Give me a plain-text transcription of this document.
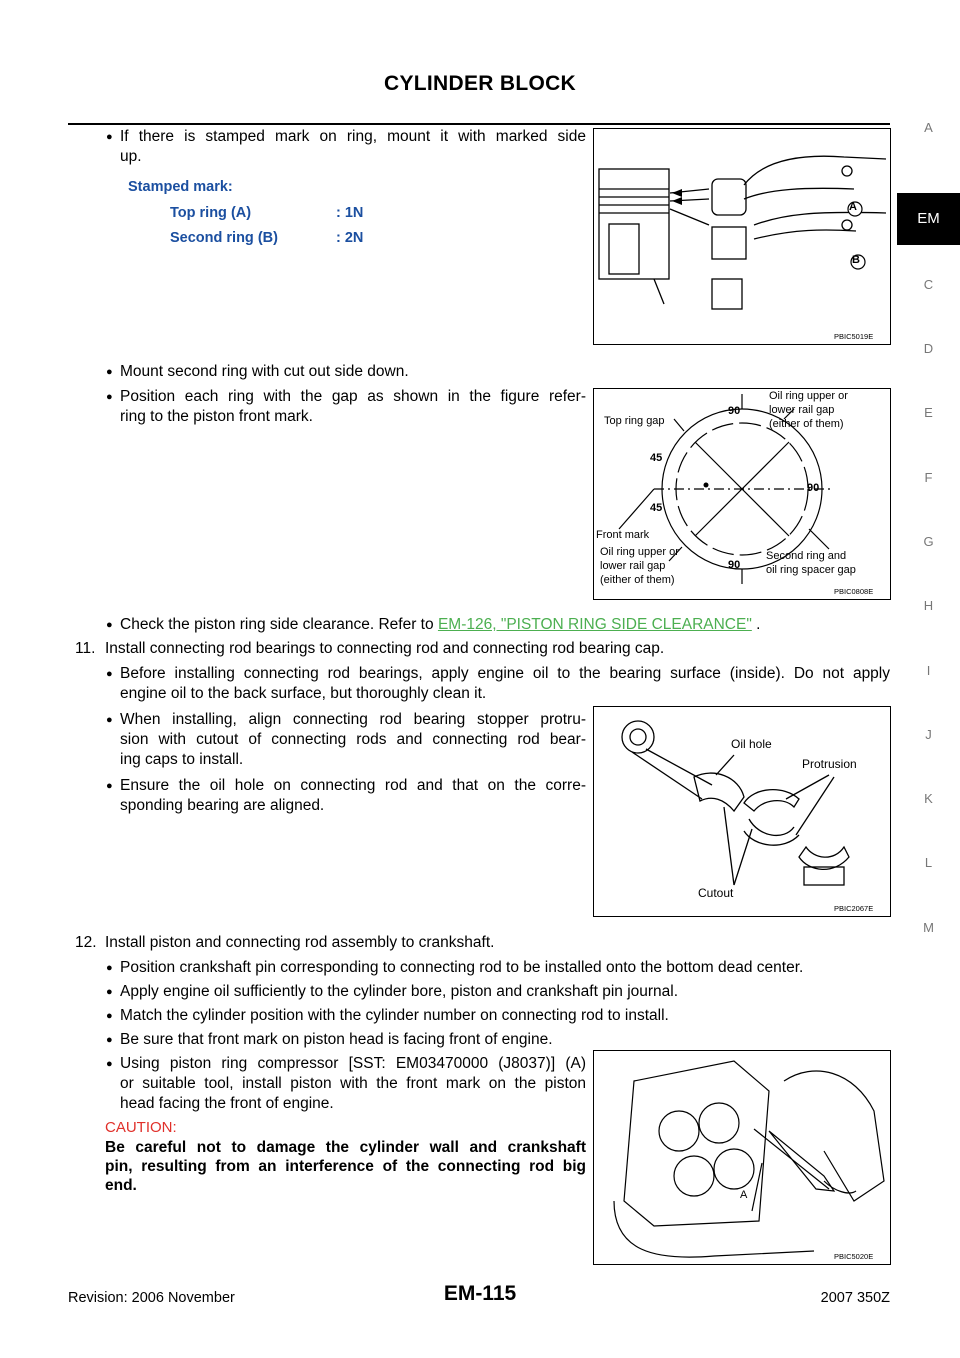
CYLINDER BLOCK
A
EM
C
D
E
F
G
H
I
J
K
L
M
● If there is stamped mark on ring, mount it with marked side
up.
Stamped mark:
Top ring (A)	: 1N
Second ring (B)	: 2N
A
B
PBIC5019E
● Mount second ring with cut out side down.
● Position each ring with the gap as shown in the figure refer-
ring to the piston front mark.	Top ring gap
Front mark
90
90
90
45
45
Oil ring upper or
lower rail gap
(either of them)
Oil ring upper or
lower rail gap
(either of them)
Second ring and
oil ring spacer gap
PBIC0808E
● Check the piston ring side clearance. Refer to EM-126, "PISTON RING SIDE CLEARANCE" .
11. Install connecting rod bearings to connecting rod and connecting rod bearing cap.
● Before installing connecting rod bearings, apply engine oil to the bearing surface (inside). Do not apply
engine oil to the back surface, but thoroughly clean it.
● When installing, align connecting rod bearing stopper protru-
sion with cutout of connecting rods and connecting rod bear-
ing caps to install.
● Ensure the oil hole on connecting rod and that on the corre-
sponding bearing are aligned.
Oil hole
Protrusion
Cutout
PBIC2067E
12. Install piston and connecting rod assembly to crankshaft.
● Position crankshaft pin corresponding to connecting rod to be installed onto the bottom dead center.
● Apply engine oil sufficiently to the cylinder bore, piston and crankshaft pin journal.
● Match the cylinder position with the cylinder number on connecting rod to install.
● Be sure that front mark on piston head is facing front of engine.
● Using piston ring compressor [SST: EM03470000 (J8037)] (A)
or suitable tool, install piston with the front mark on the piston
head facing the front of engine.
CAUTION:
Be careful not to damage the cylinder wall and crankshaft
pin, resulting from an interference of the connecting rod big
end.
A
PBIC5020E
Revision: 2006 November	EM-115	2007 350Z
